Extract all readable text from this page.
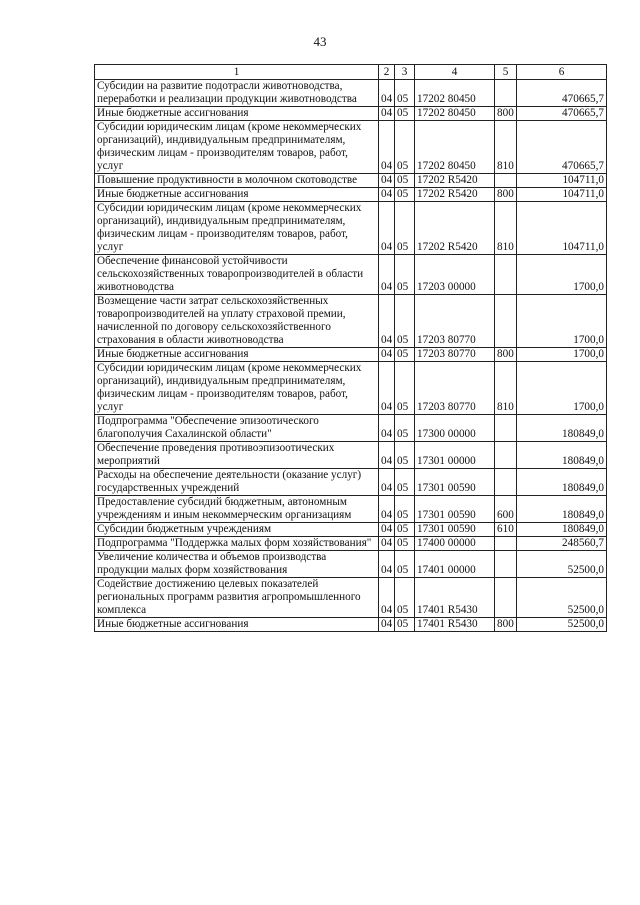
43
1	2	3	4	5	6
Субсидии на развитие подотрасли животноводства, переработки и реализации продукции животноводства	04	05	17202 80450		470665,7
Иные бюджетные ассигнования	04	05	17202 80450	800	470665,7
Субсидии юридическим лицам (кроме некоммерческих организаций), индивидуальным предпринимателям, физическим лицам - производителям товаров, работ, услуг	04	05	17202 80450	810	470665,7
Повышение продуктивности в молочном скотоводстве	04	05	17202 R5420		104711,0
Иные бюджетные ассигнования	04	05	17202 R5420	800	104711,0
Субсидии юридическим лицам (кроме некоммерческих организаций), индивидуальным предпринимателям, физическим лицам - производителям товаров, работ, услуг	04	05	17202 R5420	810	104711,0
Обеспечение финансовой устойчивости сельскохозяйственных товаропроизводителей в области животноводства	04	05	17203 00000		1700,0
Возмещение части затрат сельскохозяйственных товаропроизводителей на уплату страховой премии, начисленной по договору сельскохозяйственного страхования в области животноводства	04	05	17203 80770		1700,0
Иные бюджетные ассигнования	04	05	17203 80770	800	1700,0
Субсидии юридическим лицам (кроме некоммерческих организаций), индивидуальным предпринимателям, физическим лицам - производителям товаров, работ, услуг	04	05	17203 80770	810	1700,0
Подпрограмма "Обеспечение эпизоотического благополучия Сахалинской области"	04	05	17300 00000		180849,0
Обеспечение проведения противоэпизоотических мероприятий	04	05	17301 00000		180849,0
Расходы на обеспечение деятельности (оказание услуг) государственных учреждений	04	05	17301 00590		180849,0
Предоставление субсидий бюджетным, автономным учреждениям и иным некоммерческим организациям	04	05	17301 00590	600	180849,0
Субсидии бюджетным учреждениям	04	05	17301 00590	610	180849,0
Подпрограмма "Поддержка малых форм хозяйствования"	04	05	17400 00000		248560,7
Увеличение количества и объемов производства продукции малых форм хозяйствования	04	05	17401 00000		52500,0
Содействие достижению целевых показателей региональных программ развития агропромышленного комплекса	04	05	17401 R5430		52500,0
Иные бюджетные ассигнования	04	05	17401 R5430	800	52500,0
